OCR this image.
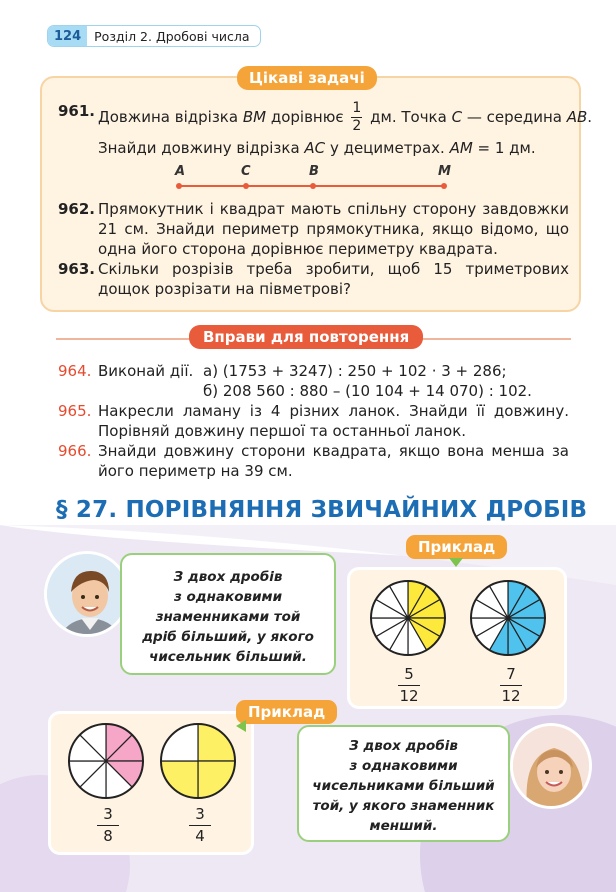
124	Розділ 2. Дробові числа
Цікаві задачі
961. Довжина відрізка BM дорівнює $\frac{1}{2}$ дм. Точка C — середина AB.
Знайди довжину відрізка AC у дециметрах. AM = 1 дм.
A	C	B	M
962. Прямокутник і квадрат мають спільну сторону завдовжки 21 см. Знайди периметр прямокутника, якщо відомо, що одна його сторона дорівнює периметру квадрата.
963. Скільки розрізів треба зробити, щоб 15 триметрових дощок розрізати на півметрові?
Вправи для повторення
964. Виконай дії. а) (1753 + 3247) : 250 + 102 · 3 + 286;
б) 208 560 : 880 – (10 104 + 14 070) : 102.
965. Накресли ламану із 4 різних ланок. Знайди її довжину. Порівняй довжину першої та останньої ланок.
966. Знайди довжину сторони квадрата, якщо вона менша за його периметр на 39 см.
§ 27. ПОРІВНЯННЯ ЗВИЧАЙНИХ ДРОБІВ
З двох дробів
з однаковими
знаменниками той
дріб більший, у якого
чисельник більший.
5
12
7
12
Приклад
3
8
3
4
Приклад
З двох дробів
з однаковими
чисельниками більший
той, у якого знаменник
менший.
